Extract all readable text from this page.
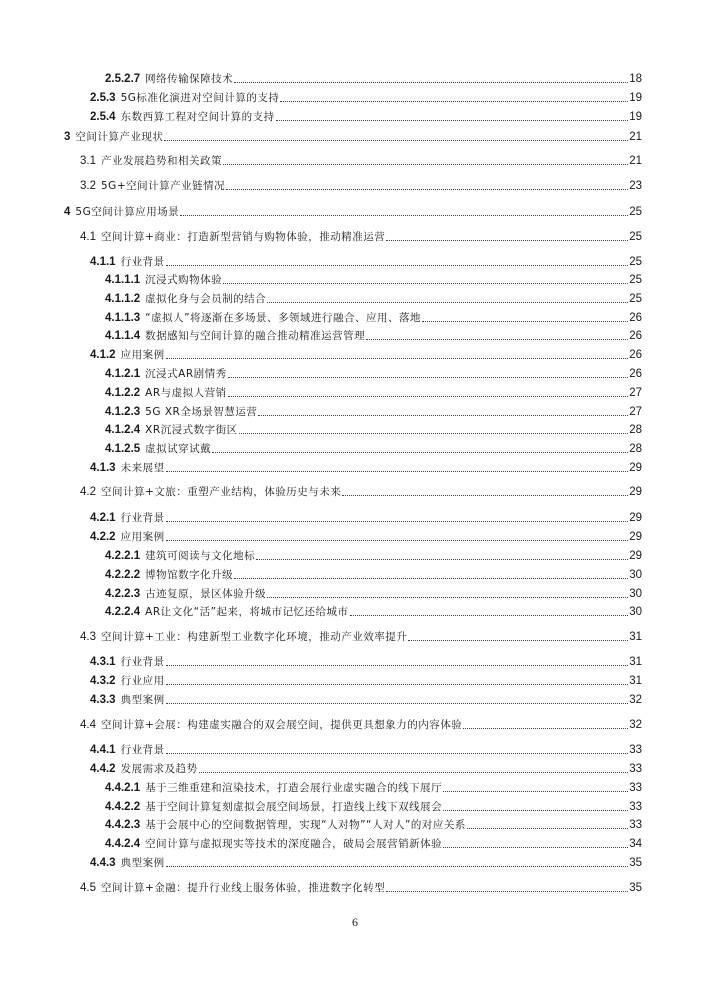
2.5.2.7 网络传输保障技术	18
2.5.3 5G标准化演进对空间计算的支持	19
2.5.4 东数西算工程对空间计算的支持	19
3 空间计算产业现状	21
3.1 产业发展趋势和相关政策	21
3.2 5G+空间计算产业链情况	23
4 5G空间计算应用场景	25
4.1 空间计算+商业：打造新型营销与购物体验，推动精准运营	25
4.1.1 行业背景	25
4.1.1.1 沉浸式购物体验	25
4.1.1.2 虚拟化身与会员制的结合	25
4.1.1.3 “虚拟人”将逐渐在多场景、多领域进行融合、应用、落地	26
4.1.1.4 数据感知与空间计算的融合推动精准运营管理	26
4.1.2 应用案例	26
4.1.2.1 沉浸式AR剧情秀	26
4.1.2.2 AR与虚拟人营销	27
4.1.2.3 5G XR全场景智慧运营	27
4.1.2.4 XR沉浸式数字街区	28
4.1.2.5 虚拟试穿试戴	28
4.1.3 未来展望	29
4.2 空间计算+文旅：重塑产业结构，体验历史与未来	29
4.2.1 行业背景	29
4.2.2 应用案例	29
4.2.2.1 建筑可阅读与文化地标	29
4.2.2.2 博物馆数字化升级	30
4.2.2.3 古迹复原，景区体验升级	30
4.2.2.4 AR让文化“活”起来，将城市记忆还给城市	30
4.3 空间计算+工业：构建新型工业数字化环境，推动产业效率提升	31
4.3.1 行业背景	31
4.3.2 行业应用	31
4.3.3 典型案例	32
4.4 空间计算+会展：构建虚实融合的双会展空间，提供更具想象力的内容体验	32
4.4.1 行业背景	33
4.4.2 发展需求及趋势	33
4.4.2.1 基于三维重建和渲染技术，打造会展行业虚实融合的线下展厅	33
4.4.2.2 基于空间计算复刻虚拟会展空间场景，打造线上线下双线展会	33
4.4.2.3 基于会展中心的空间数据管理，实现“人对物”“人对人”的对应关系	33
4.4.2.4 空间计算与虚拟现实等技术的深度融合，破局会展营销新体验	34
4.4.3 典型案例	35
4.5 空间计算+金融：提升行业线上服务体验，推进数字化转型	35
6
